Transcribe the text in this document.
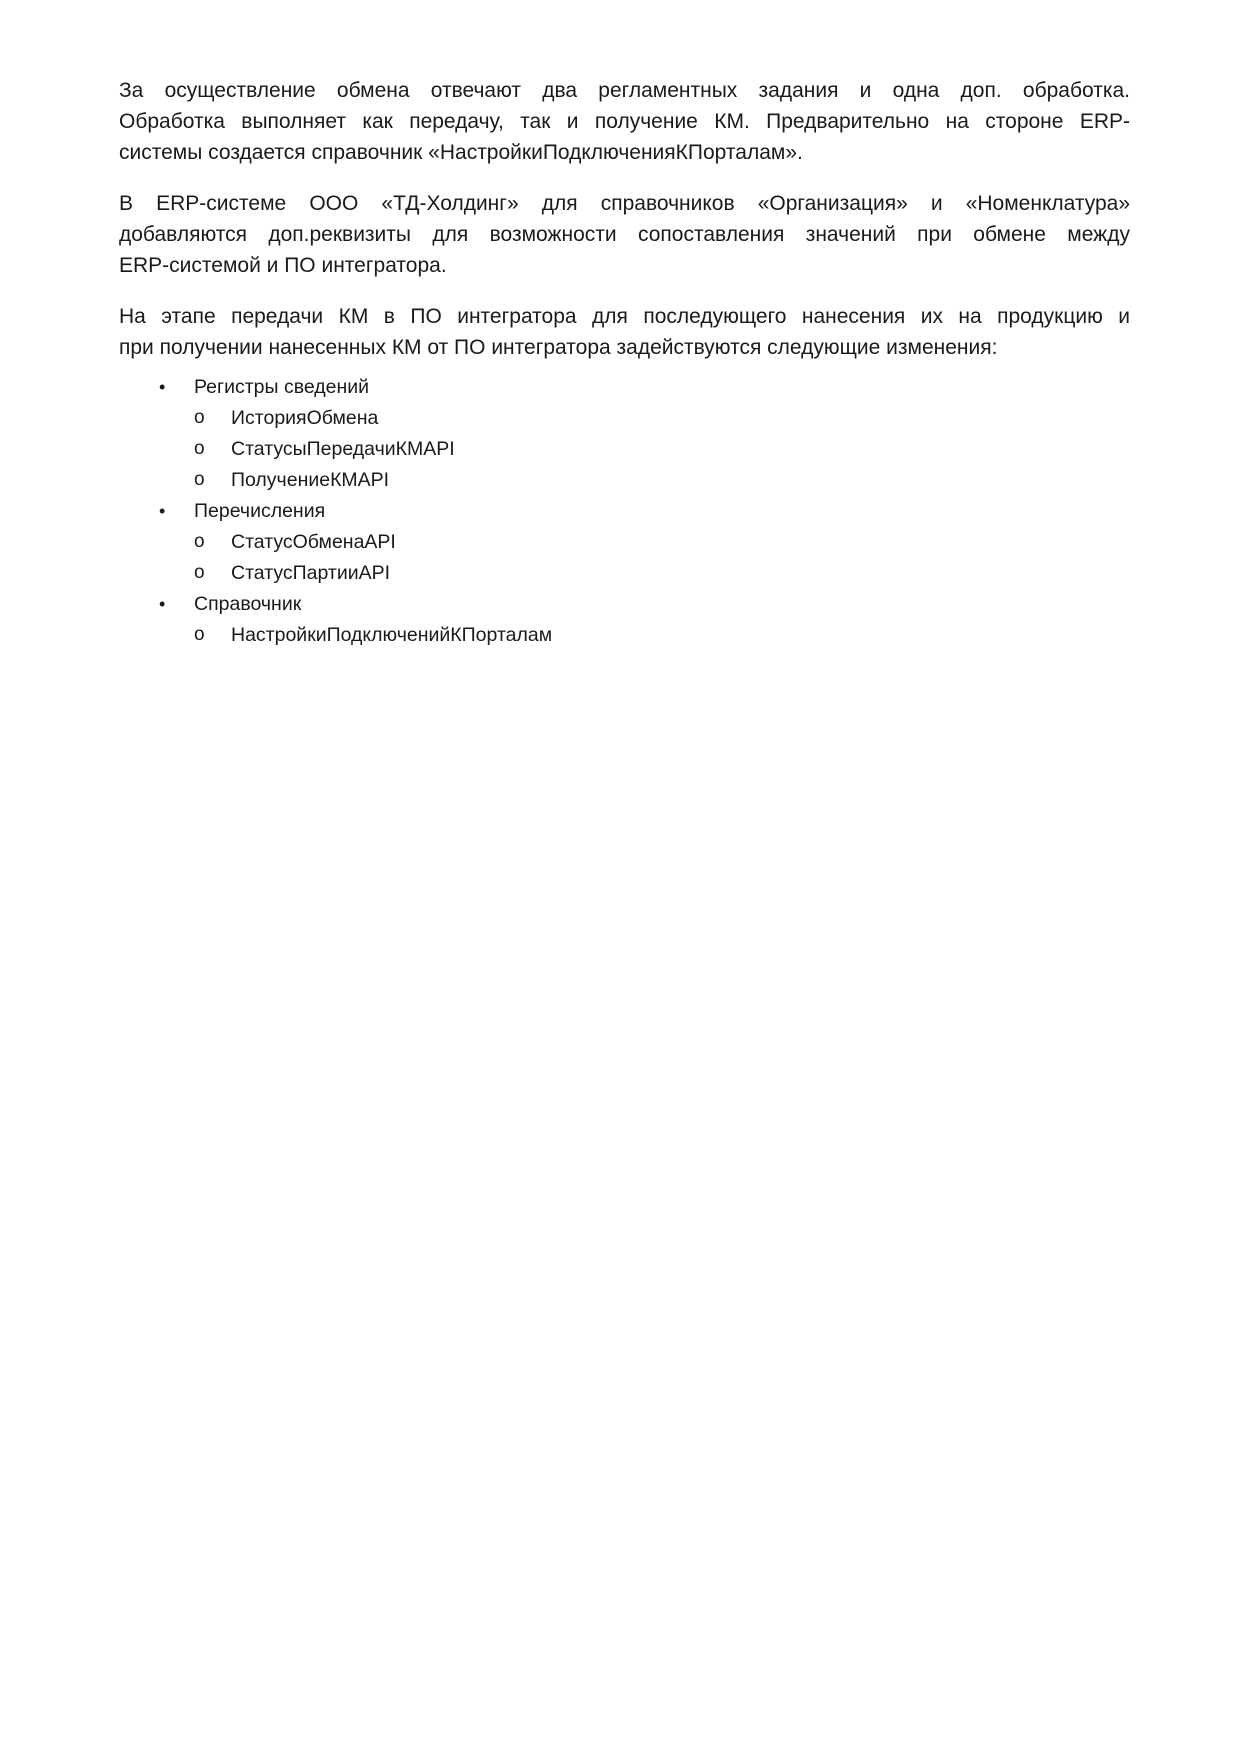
За осуществление обмена отвечают два регламентных задания и одна доп. обработка.
Обработка выполняет как передачу, так и получение КМ. Предварительно на стороне ERP-
системы создается справочник «НастройкиПодключенияКПорталам».

В ERP-системе ООО «ТД-Холдинг» для справочников «Организация» и «Номенклатура»
добавляются доп.реквизиты для возможности сопоставления значений при обмене между
ERP-системой и ПО интегратора.

На этапе передачи КМ в ПО интегратора для последующего нанесения их на продукцию и
при получении нанесенных КМ от ПО интегратора задействуются следующие изменения:

• Регистры сведений
o ИсторияОбмена
o СтатусыПередачиКМAPI
o ПолучениеКМAPI
• Перечисления
o СтатусОбменаAPI
o СтатусПартииAPI
• Справочник
o НастройкиПодключенийКПорталам
